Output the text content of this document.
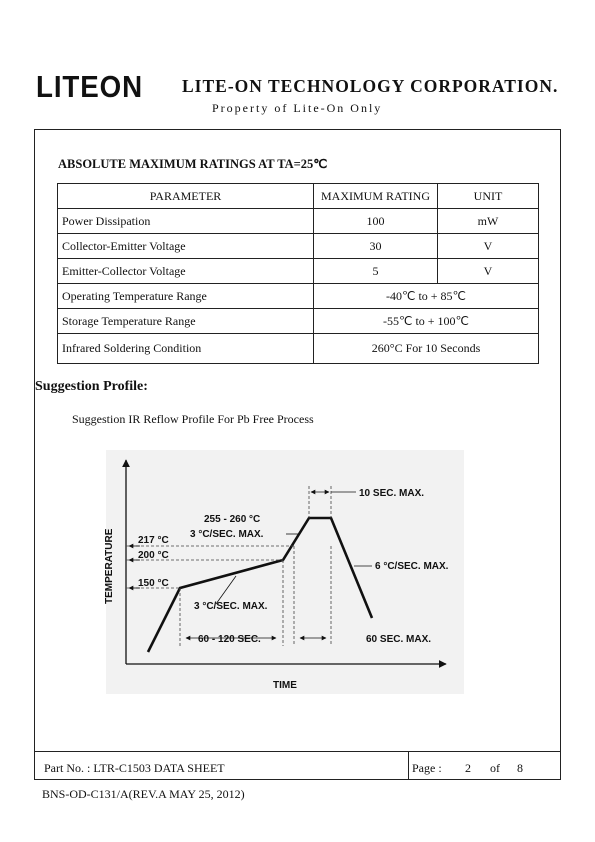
LITEON LITE-ON TECHNOLOGY CORPORATION.
Property of Lite-On Only
ABSOLUTE MAXIMUM RATINGS AT TA=25℃
PARAMETER	MAXIMUM RATING	UNIT
Power Dissipation	100	mW
Collector-Emitter Voltage	30	V
Emitter-Collector Voltage	5	V
Operating Temperature Range	-40℃ to + 85℃	
Storage Temperature Range	-55℃ to + 100℃	
Infrared Soldering Condition	260°C For 10 Seconds	
Suggestion Profile:
Suggestion IR Reflow Profile For Pb Free Process
TEMPERATURE
TIME
217 °C
200 °C
150 °C
255 - 260 °C
10 SEC. MAX.
3 °C/SEC. MAX.
6 °C/SEC. MAX.
3 °C/SEC. MAX.
60 - 120 SEC.	60 SEC. MAX.
Part No. : LTR-C1503 DATA SHEET	Page : 2 of 8
BNS-OD-C131/A(REV.A MAY 25, 2012)
